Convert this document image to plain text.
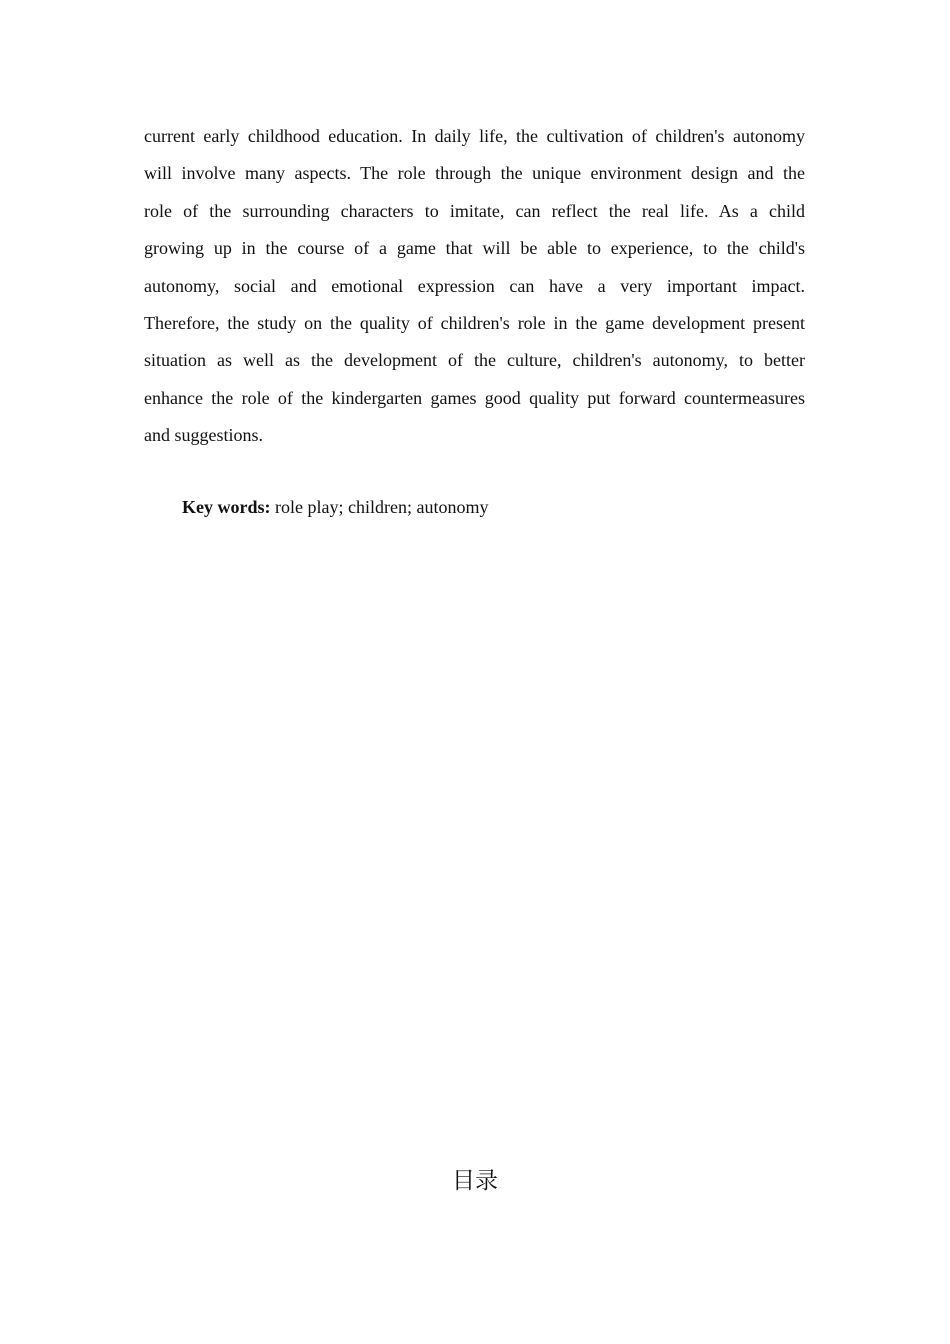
current early childhood education. In daily life, the cultivation of children's autonomy
will involve many aspects. The role through the unique environment design and the
role of the surrounding characters to imitate, can reflect the real life. As a child
growing up in the course of a game that will be able to experience, to the child's
autonomy, social and emotional expression can have a very important impact.
Therefore, the study on the quality of children's role in the game development present
situation as well as the development of the culture, children's autonomy, to better
enhance the role of the kindergarten games good quality put forward countermeasures
and suggestions.
Key words: role play; children; autonomy
目录
